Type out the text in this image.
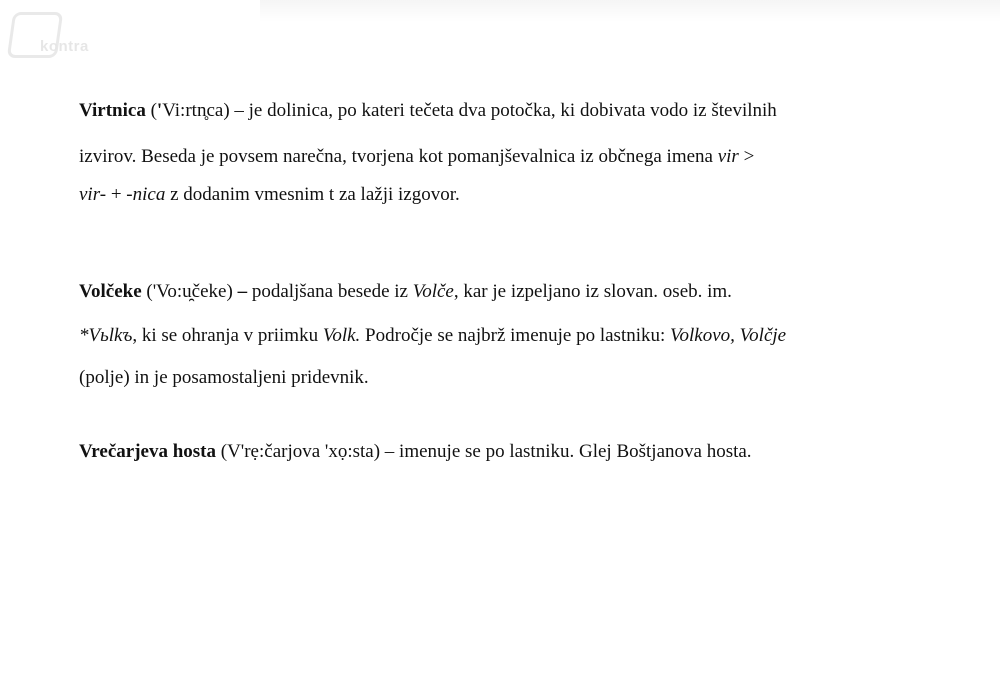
kontra
Virtnica ('Vi:rtn̥ca) – je dolinica, po kateri tečeta dva potočka, ki dobivata vodo iz številnih
izvirov. Beseda je povsem narečna, tvorjena kot pomanjševalnica iz občnega imena vir >
vir- + -nica z dodanim vmesnim t za lažji izgovor.
Volčeke ('Vo:u̯čeke) – podaljšana besede iz Volče, kar je izpeljano iz slovan. oseb. im.
*Vьlkъ, ki se ohranja v priimku Volk. Področje se najbrž imenuje po lastniku: Volkovo, Volčje
(polje) in je posamostaljeni pridevnik.
Vrečarjeva hosta (V'rẹ:čarjova 'xọ:sta) – imenuje se po lastniku. Glej Boštjanova hosta.
